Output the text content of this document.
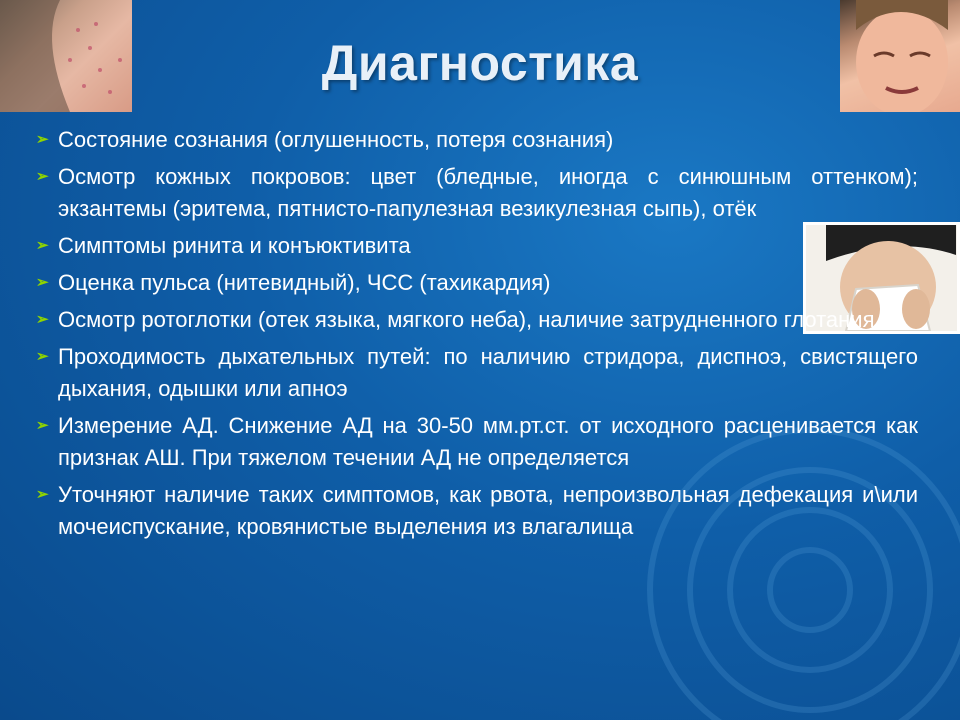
Диагностика
➢ Состояние сознания (оглушенность, потеря сознания)
➢ Осмотр кожных покровов: цвет (бледные, иногда с синюшным оттенком); экзантемы (эритема, пятнисто-папулезная везикулезная сыпь), отёк
➢ Симптомы ринита и конъюктивита
➢ Оценка пульса (нитевидный), ЧСС (тахикардия)
➢ Осмотр ротоглотки (отек языка, мягкого неба), наличие затрудненного глотания
➢ Проходимость дыхательных путей: по наличию стридора, диспноэ, свистящего дыхания, одышки или апноэ
➢ Измерение АД. Снижение АД на 30-50 мм.рт.ст. от исходного расценивается как признак АШ. При тяжелом течении АД не определяется
➢ Уточняют наличие таких симптомов, как рвота, непроизвольная дефекация и\или мочеиспускание, кровянистые выделения из влагалища
